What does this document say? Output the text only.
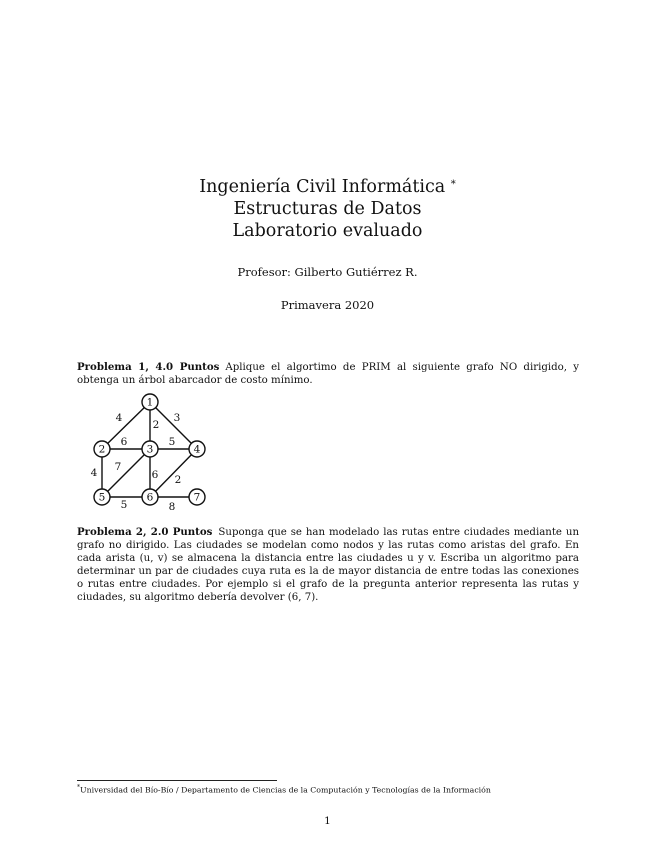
Ingeniería Civil Informática *
Estructuras de Datos
Laboratorio evaluado
Profesor: Gilberto Gutiérrez R.
Primavera 2020
Problema 1, 4.0 Puntos Aplique el algortimo de PRIM al siguiente grafo NO dirigido, y obtenga un árbol abarcador de costo mínimo.
4
2
3
6	5
4 7
6 2
5	8
1
2	3	4
5	6	7
Problema 2, 2.0 Puntos Suponga que se han modelado las rutas entre ciudades mediante un grafo no dirigido. Las ciudades se modelan como nodos y las rutas como aristas del grafo. En cada arista (u, v) se almacena la distancia entre las ciudades u y v. Escriba un algoritmo para determinar un par de ciudades cuya ruta es la de mayor distancia de entre todas las conexiones o rutas entre ciudades. Por ejemplo si el grafo de la pregunta anterior representa las rutas y ciudades, su algoritmo debería devolver (6, 7).
*Universidad del Bío-Bío / Departamento de Ciencias de la Computación y Tecnologías de la Información
1
